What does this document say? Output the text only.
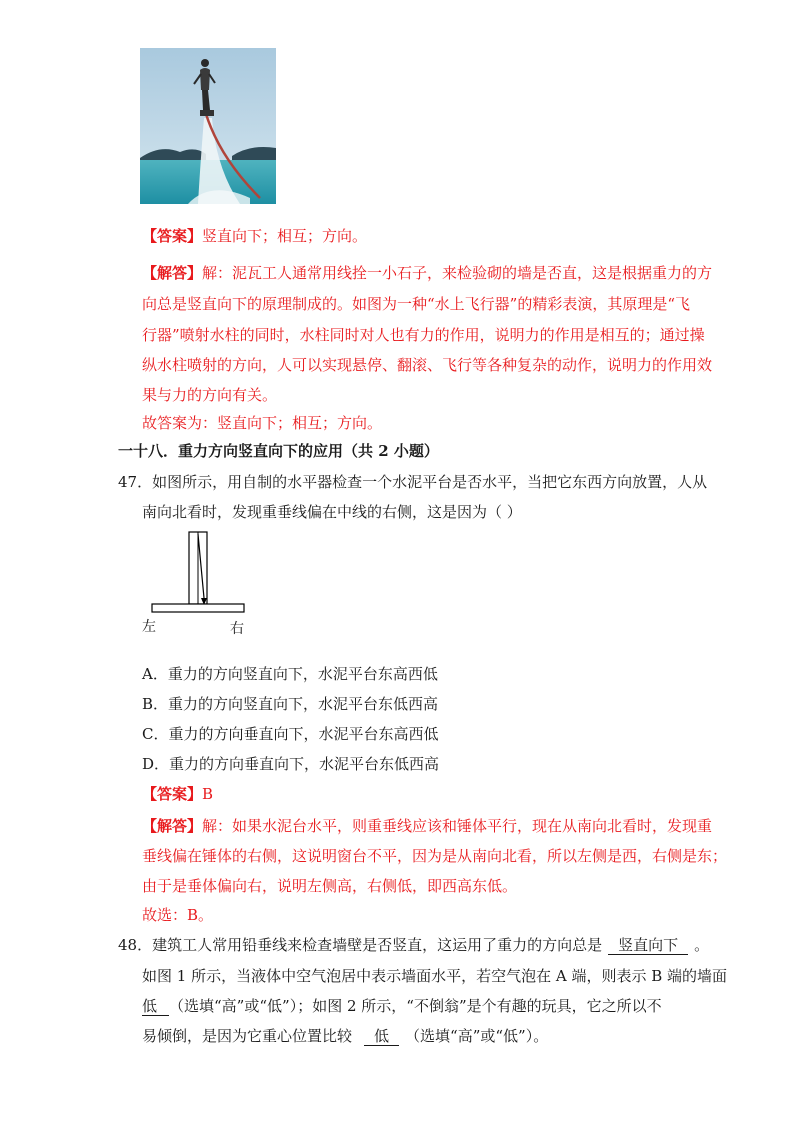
【答案】竖直向下；相互；方向。
【解答】解：泥瓦工人通常用线拴一小石子，来检验砌的墙是否直，这是根据重力的方
向总是竖直向下的原理制成的。如图为一种“水上飞行器”的精彩表演，其原理是“飞
行器”喷射水柱的同时，水柱同时对人也有力的作用，说明力的作用是相互的；通过操
纵水柱喷射的方向，人可以实现悬停、翻滚、飞行等各种复杂的动作，说明力的作用效
果与力的方向有关。
故答案为：竖直向下；相互；方向。
一十八．重力方向竖直向下的应用（共 2 小题）
47．如图所示，用自制的水平器检查一个水泥平台是否水平，当把它东西方向放置，人从
南向北看时，发现重垂线偏在中线的右侧，这是因为（ ）
左	右
A．重力的方向竖直向下，水泥平台东高西低
B．重力的方向竖直向下，水泥平台东低西高
C．重力的方向垂直向下，水泥平台东高西低
D．重力的方向垂直向下，水泥平台东低西高
【答案】B
【解答】解：如果水泥台水平，则重垂线应该和锤体平行，现在从南向北看时，发现重
垂线偏在锤体的右侧，这说明窗台不平，因为是从南向北看，所以左侧是西，右侧是东；
由于是垂体偏向右，说明左侧高，右侧低，即西高东低。
故选：B。
48．建筑工人常用铅垂线来检查墙壁是否竖直，这运用了重力的方向总是 竖直向下 。
如图 1 所示，当液体中空气泡居中表示墙面水平，若空气泡在 A 端，则表示 B 端的墙面
低 （选填“高”或“低”）；如图 2 所示，“不倒翁”是个有趣的玩具，它之所以不
易倾倒，是因为它重心位置比较 低 （选填“高”或“低”）。
